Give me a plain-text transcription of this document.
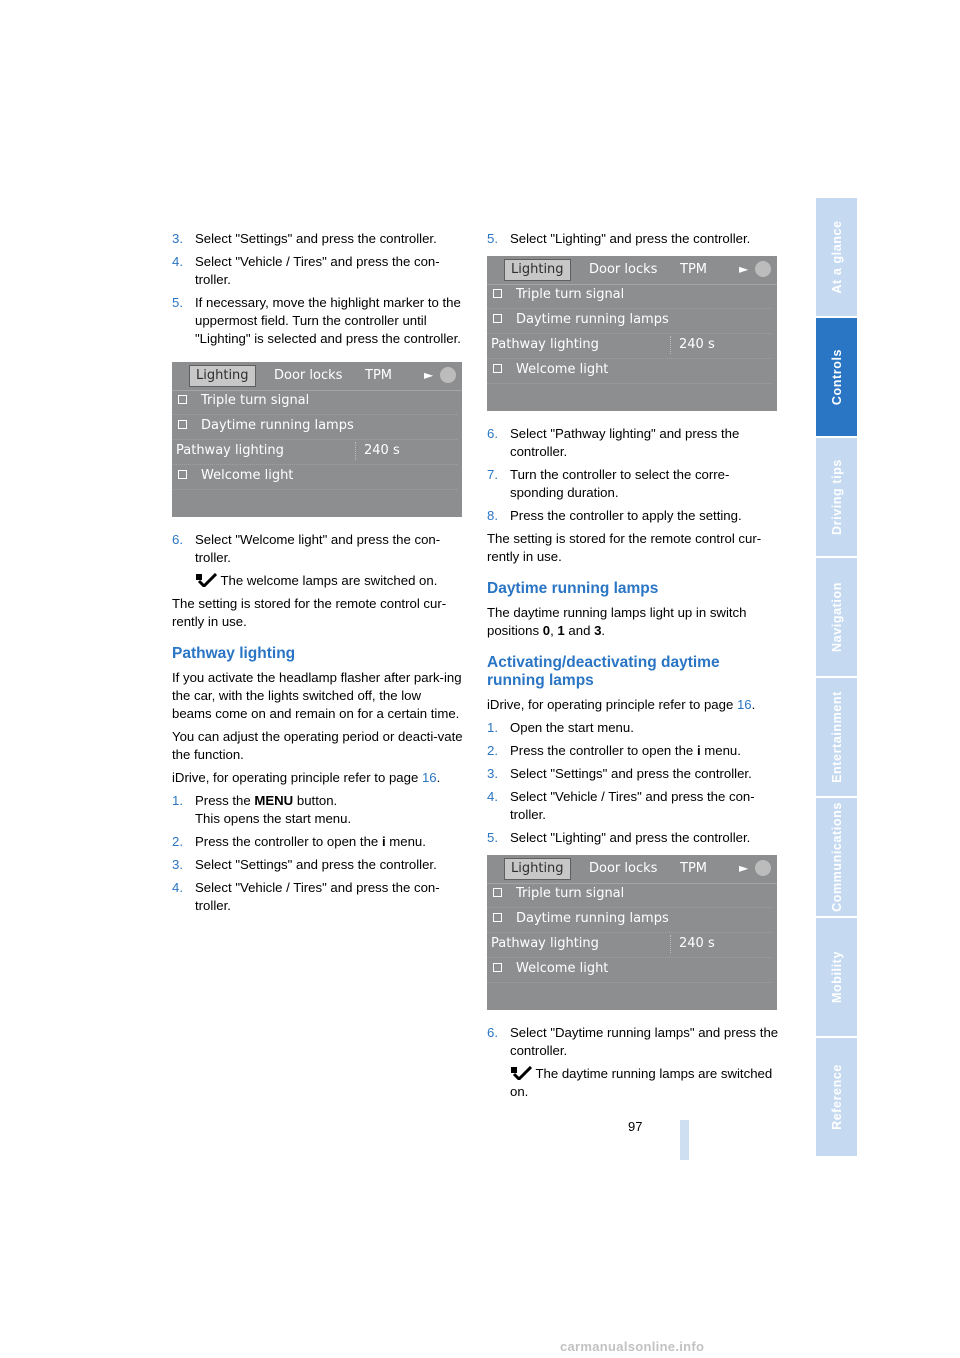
3. Select "Settings" and press the controller.
4. Select "Vehicle / Tires" and press the con-troller.
5. If necessary, move the highlight marker to the uppermost field. Turn the controller until "Lighting" is selected and press the controller.
Lighting	Door locks TPM	►
Triple turn signal
Daytime running lamps
Pathway lighting	240 s
Welcome light
6. Select "Welcome light" and press the con-troller.
The welcome lamps are switched on.

The setting is stored for the remote control cur-rently in use.

Pathway lighting

If you activate the headlamp flasher after park-ing the car, with the lights switched off, the low beams come on and remain on for a certain time.

You can adjust the operating period or deacti-vate the function.

iDrive, for operating principle refer to page 16.

1. Press the MENU button.
This opens the start menu.
2. Press the controller to open the i menu.
3. Select "Settings" and press the controller.
4. Select "Vehicle / Tires" and press the con-troller.
5. Select "Lighting" and press the controller.
Lighting	Door locks TPM	►
Triple turn signal
Daytime running lamps
Pathway lighting	240 s
Welcome light
6. Select "Pathway lighting" and press the controller.
7. Turn the controller to select the corre-sponding duration.
8. Press the controller to apply the setting.

The setting is stored for the remote control cur-rently in use.

Daytime running lamps

The daytime running lamps light up in switch positions 0, 1 and 3.

Activating/deactivating daytime running lamps

iDrive, for operating principle refer to page 16.

1. Open the start menu.
2. Press the controller to open the i menu.
3. Select "Settings" and press the controller.
4. Select "Vehicle / Tires" and press the con-troller.
5. Select "Lighting" and press the controller.
Lighting	Door locks TPM	►
Triple turn signal
Daytime running lamps
Pathway lighting	240 s
Welcome light
6. Select "Daytime running lamps" and press the controller.
The daytime running lamps are switched on.
97
At a glance
Controls
Driving tips
Navigation
Entertainment
Communications
Mobility
Reference
carmanualsonline.info
